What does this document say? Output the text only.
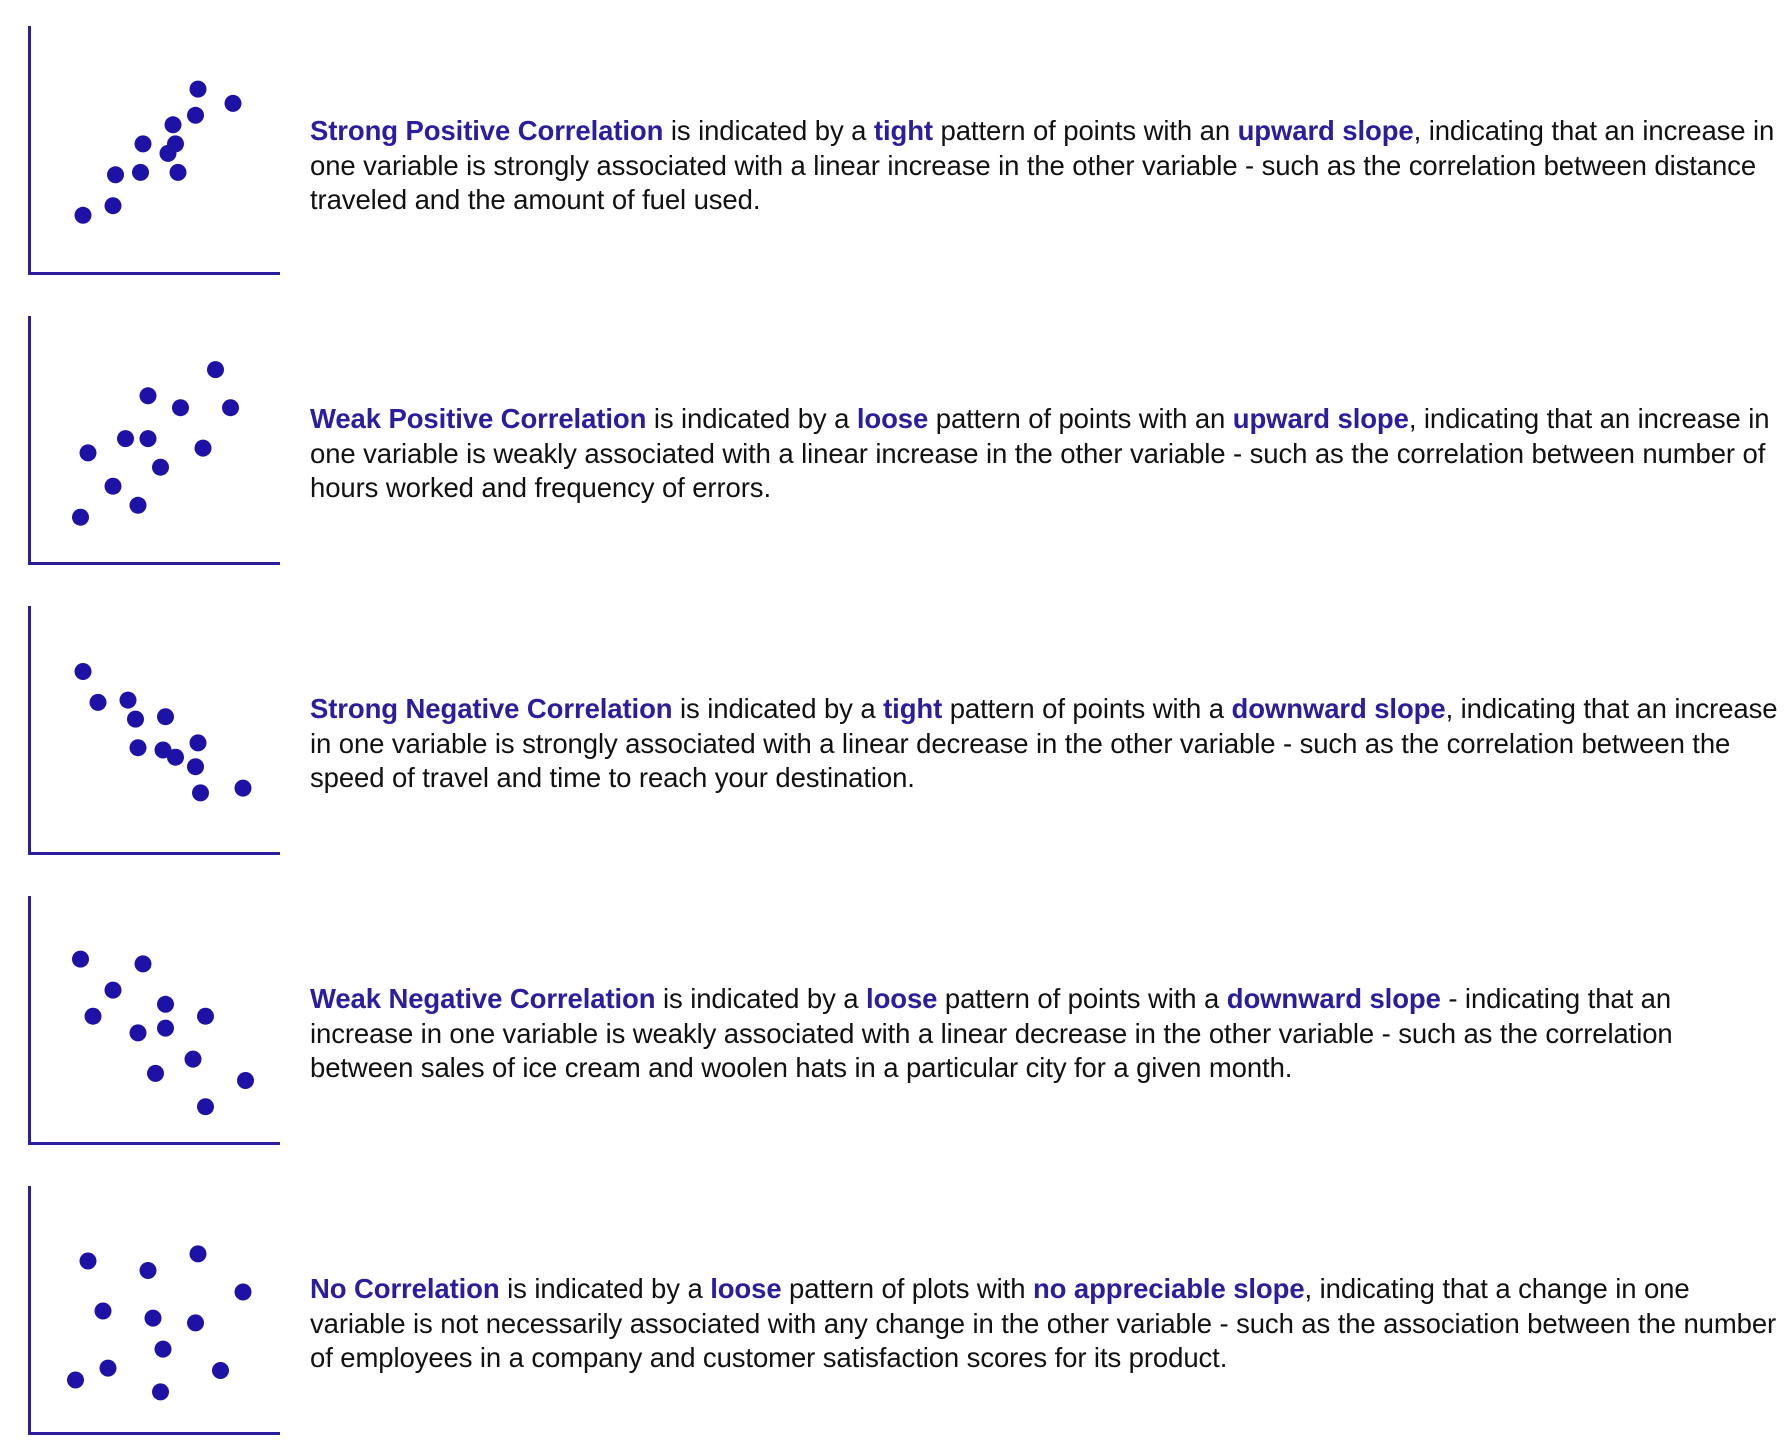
Strong Positive Correlation is indicated by a tight pattern of points with an upward slope, indicating that an increase in one variable is strongly associated with a linear increase in the other variable - such as the correlation between distance traveled and the amount of fuel used.

Weak Positive Correlation is indicated by a loose pattern of points with an upward slope, indicating that an increase in one variable is weakly associated with a linear increase in the other variable - such as the correlation between number of hours worked and frequency of errors.

Strong Negative Correlation is indicated by a tight pattern of points with a downward slope, indicating that an increase in one variable is strongly associated with a linear decrease in the other variable - such as the correlation between the speed of travel and time to reach your destination.

Weak Negative Correlation is indicated by a loose pattern of points with a downward slope - indicating that an increase in one variable is weakly associated with a linear decrease in the other variable - such as the correlation between sales of ice cream and woolen hats in a particular city for a given month.

No Correlation is indicated by a loose pattern of plots with no appreciable slope, indicating that a change in one variable is not necessarily associated with any change in the other variable - such as the association between the number of employees in a company and customer satisfaction scores for its product.
